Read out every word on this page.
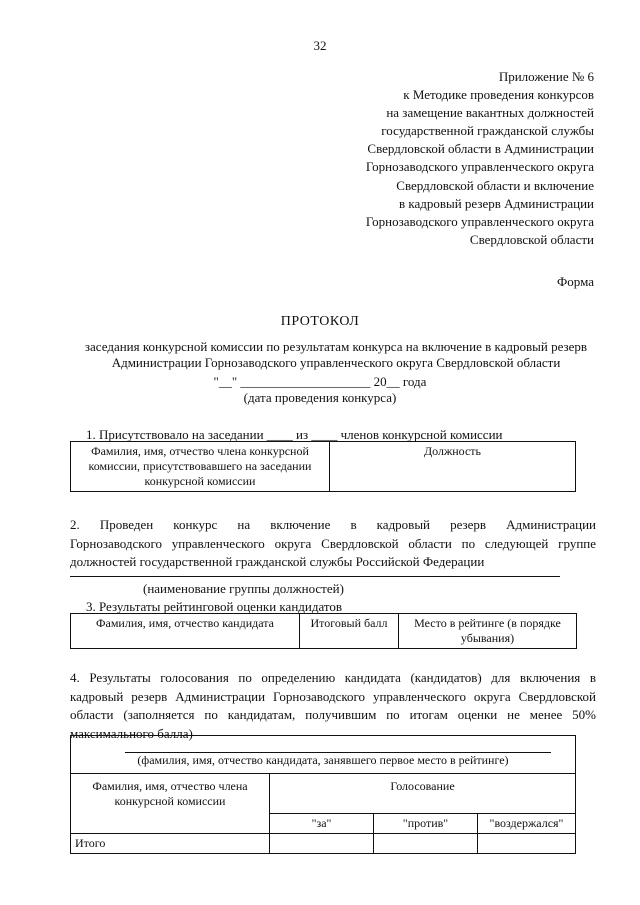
32
Приложение № 6
к Методике проведения конкурсов
на замещение вакантных должностей
государственной гражданской службы
Свердловской области в Администрации
Горнозаводского управленческого округа
Свердловской области и включение
в кадровый резерв Администрации
Горнозаводского управленческого округа
Свердловской области
Форма
ПРОТОКОЛ
заседания конкурсной комиссии по результатам конкурса на включение в кадровый резерв
Администрации Горнозаводского управленческого округа Свердловской области
"__" ____________________ 20__ года
(дата проведения конкурса)
1. Присутствовало на заседании ____ из ____ членов конкурсной комиссии
Фамилия, имя, отчество члена конкурсной комиссии, присутствовавшего на заседании конкурсной комиссии	Должность
2. Проведен конкурс на включение в кадровый резерв Администрации
Горнозаводского управленческого округа Свердловской области по следующей группе
должностей государственной гражданской службы Российской Федерации
(наименование группы должностей)
3. Результаты рейтинговой оценки кандидатов
Фамилия, имя, отчество кандидата	Итоговый балл	Место в рейтинге (в порядке убывания)
4. Результаты голосования по определению кандидата (кандидатов) для включения в
кадровый резерв Администрации Горнозаводского управленческого округа Свердловской
области (заполняется по кандидатам, получившим по итогам оценки не менее 50%
максимального балла)
(фамилия, имя, отчество кандидата, занявшего первое место в рейтинге)			
Фамилия, имя, отчество члена конкурсной комиссии	Голосование		
	"за"	"против"	"воздержался"
Итого			
